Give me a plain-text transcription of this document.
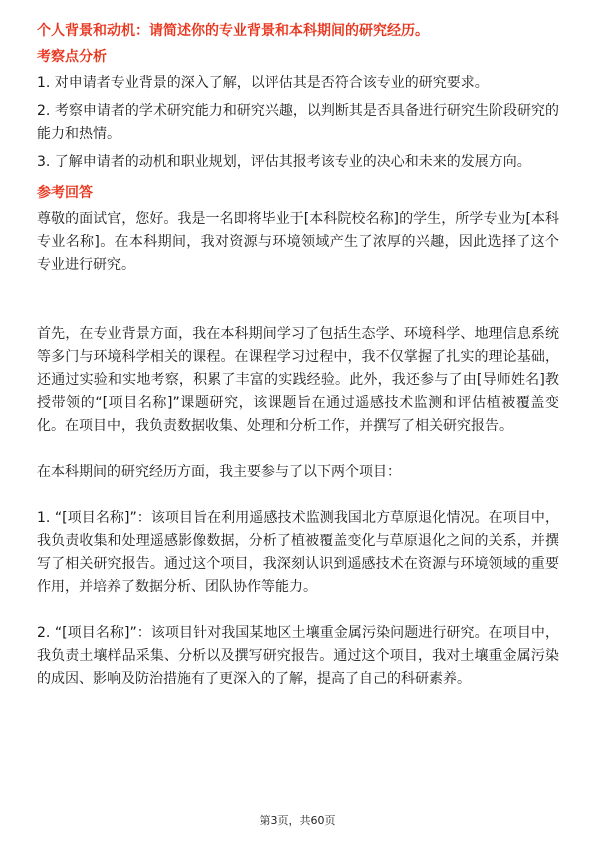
个人背景和动机：请简述你的专业背景和本科期间的研究经历。

考察点分析

1. 对申请者专业背景的深入了解，以评估其是否符合该专业的研究要求。

2. 考察申请者的学术研究能力和研究兴趣，以判断其是否具备进行研究生阶段研究的能力和热情。

3. 了解申请者的动机和职业规划，评估其报考该专业的决心和未来的发展方向。

参考回答

尊敬的面试官，您好。我是一名即将毕业于[本科院校名称]的学生，所学专业为[本科专业名称]。在本科期间，我对资源与环境领域产生了浓厚的兴趣，因此选择了这个专业进行研究。

首先，在专业背景方面，我在本科期间学习了包括生态学、环境科学、地理信息系统等多门与环境科学相关的课程。在课程学习过程中，我不仅掌握了扎实的理论基础，还通过实验和实地考察，积累了丰富的实践经验。此外，我还参与了由[导师姓名]教授带领的“[项目名称]”课题研究，该课题旨在通过遥感技术监测和评估植被覆盖变化。在项目中，我负责数据收集、处理和分析工作，并撰写了相关研究报告。

在本科期间的研究经历方面，我主要参与了以下两个项目：

1. “[项目名称]”：该项目旨在利用遥感技术监测我国北方草原退化情况。在项目中，我负责收集和处理遥感影像数据，分析了植被覆盖变化与草原退化之间的关系，并撰写了相关研究报告。通过这个项目，我深刻认识到遥感技术在资源与环境领域的重要作用，并培养了数据分析、团队协作等能力。

2. “[项目名称]”：该项目针对我国某地区土壤重金属污染问题进行研究。在项目中，我负责土壤样品采集、分析以及撰写研究报告。通过这个项目，我对土壤重金属污染的成因、影响及防治措施有了更深入的了解，提高了自己的科研素养。

第3页，共60页
